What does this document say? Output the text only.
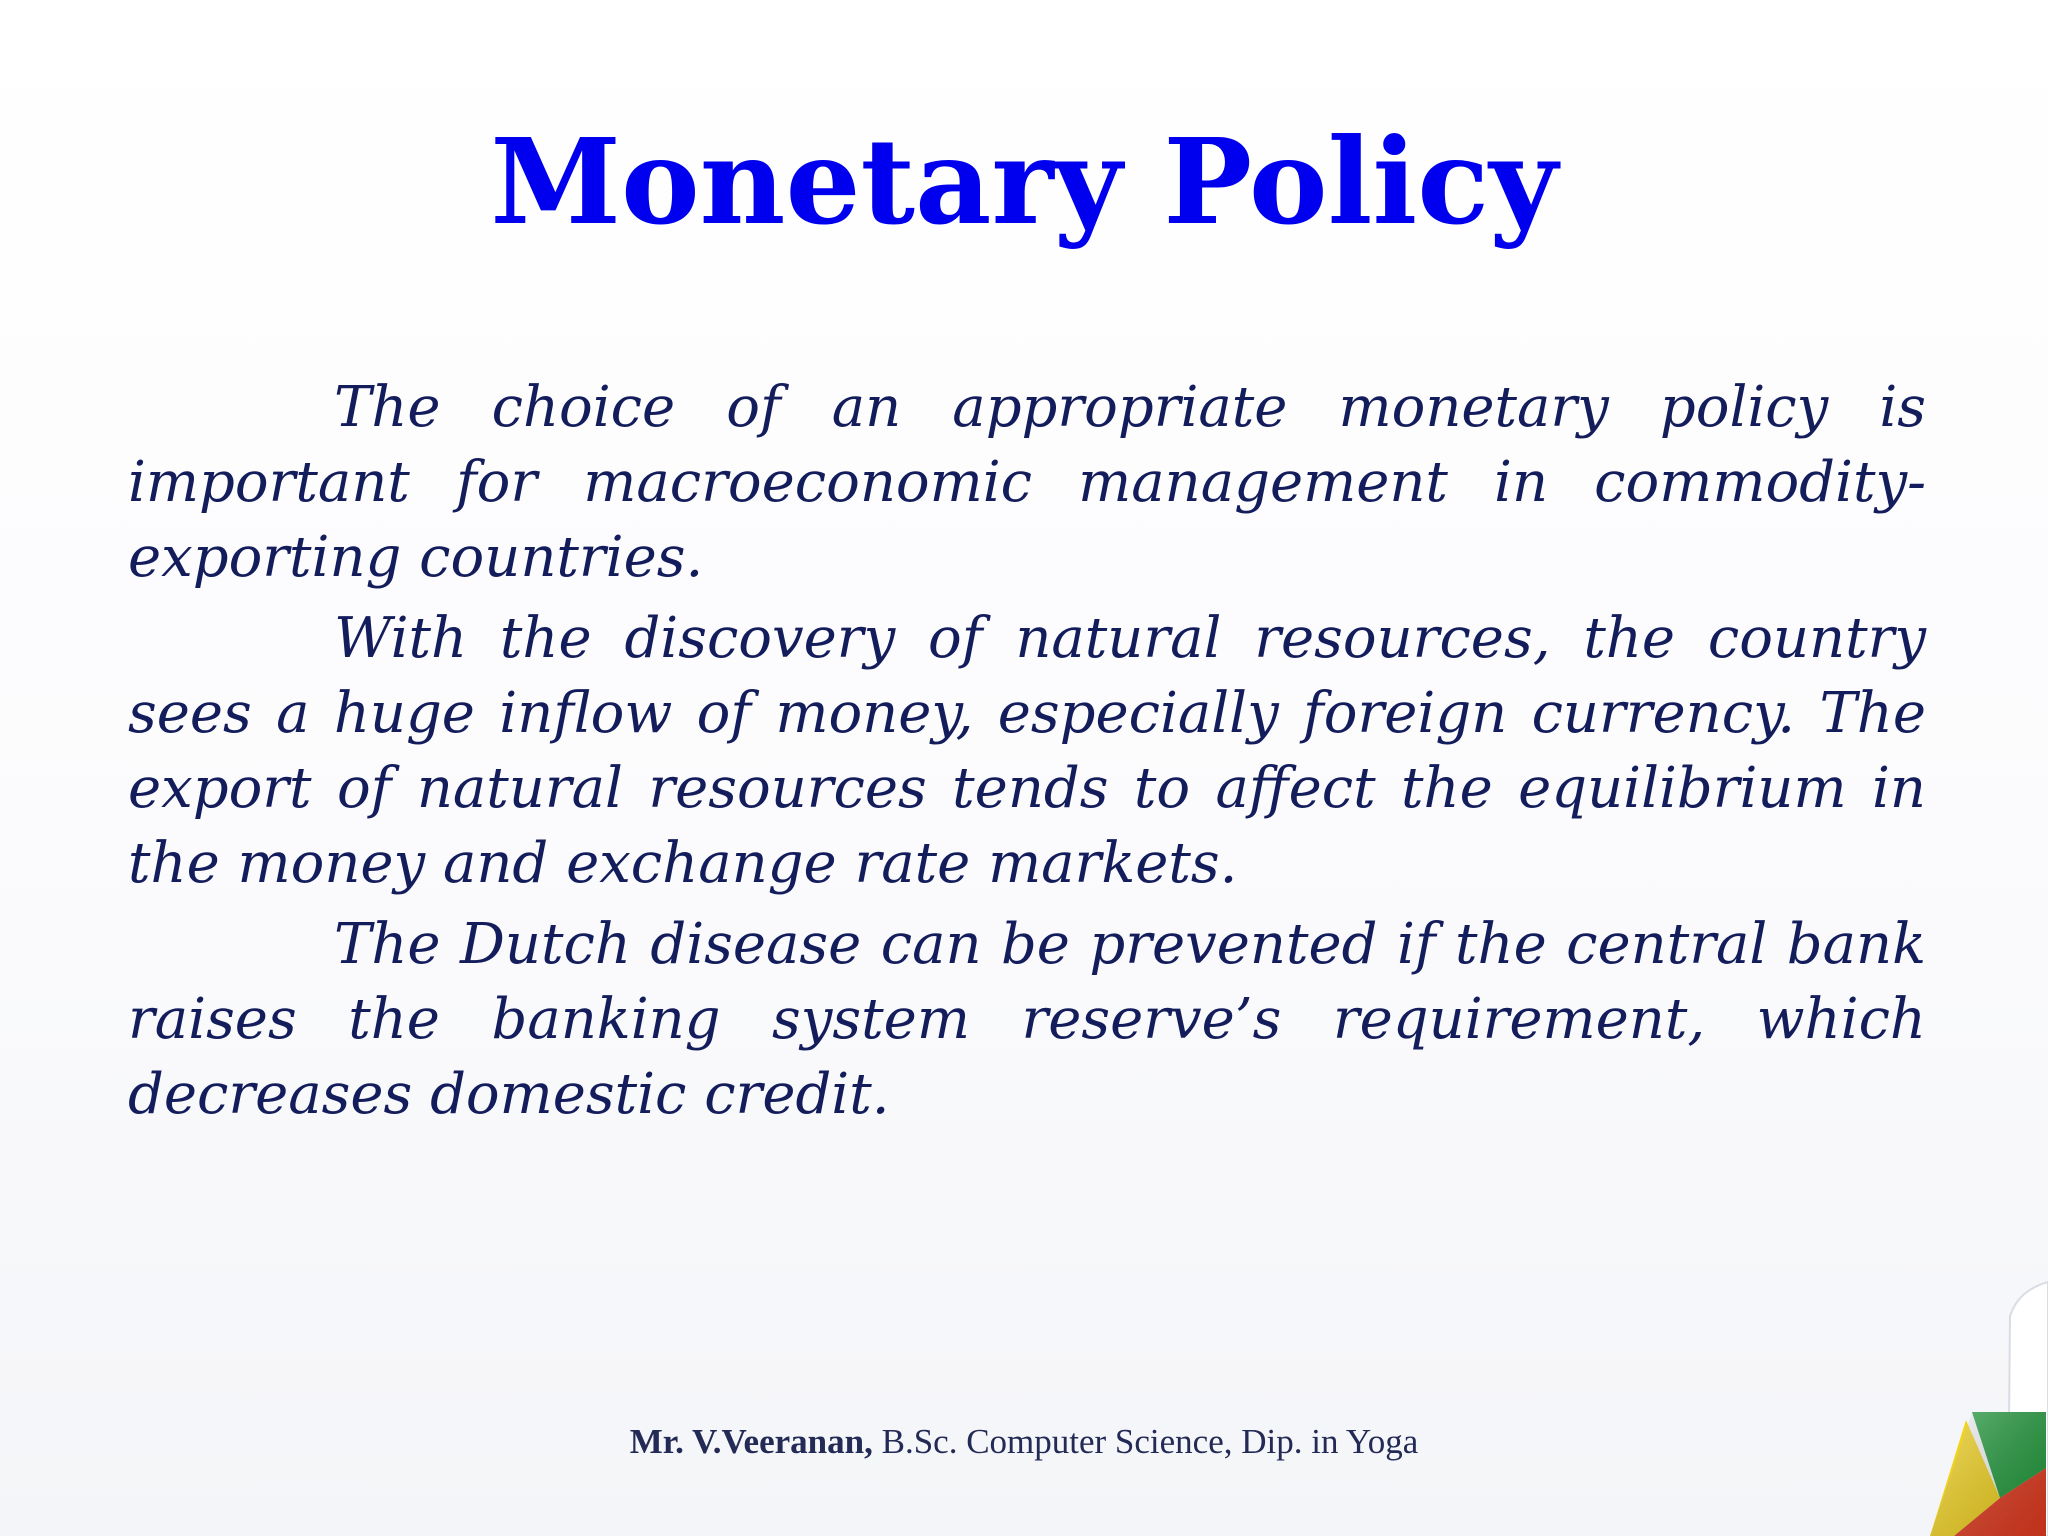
Monetary Policy

The choice of an appropriate monetary policy is important for macroeconomic management in commodity-exporting countries.

With the discovery of natural resources, the country sees a huge inflow of money, especially foreign currency. The export of natural resources tends to affect the equilibrium in the money and exchange rate markets.

The Dutch disease can be prevented if the central bank raises the banking system reserve’s requirement, which decreases domestic credit.

Mr. V.Veeranan, B.Sc. Computer Science, Dip. in Yoga
